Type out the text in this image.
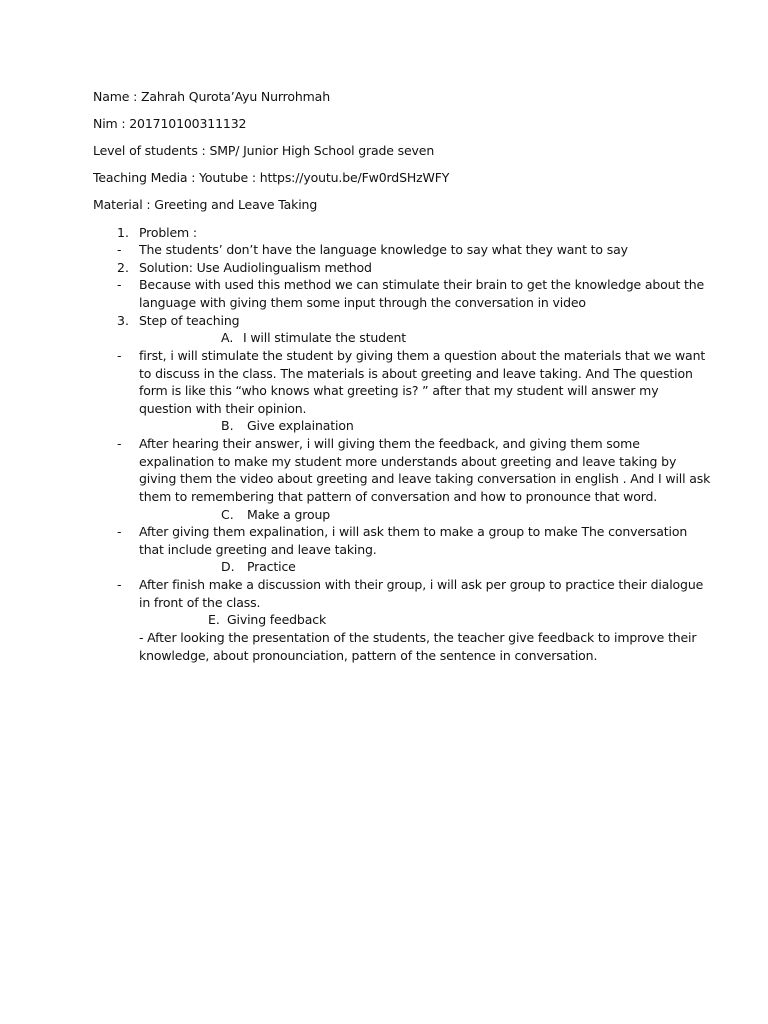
Name : Zahrah Qurota’Ayu Nurrohmah
Nim : 201710100311132
Level of students : SMP/ Junior High School grade seven
Teaching Media : Youtube : https://youtu.be/Fw0rdSHzWFY
Material : Greeting and Leave Taking
1. Problem :
- The students’ don’t have the language knowledge to say what they want to say
2. Solution: Use Audiolingualism method
- Because with used this method we can stimulate their brain to get the knowledge about the
language with giving them some input through the conversation in video
3. Step of teaching
A. I will stimulate the student
- first, i will stimulate the student by giving them a question about the materials that we want
to discuss in the class. The materials is about greeting and leave taking. And The question
form is like this “who knows what greeting is? ” after that my student will answer my
question with their opinion.
B. Give explaination
- After hearing their answer, i will giving them the feedback, and giving them some
expalination to make my student more understands about greeting and leave taking by
giving them the video about greeting and leave taking conversation in english . And I will ask
them to remembering that pattern of conversation and how to pronounce that word.
C. Make a group
- After giving them expalination, i will ask them to make a group to make The conversation
that include greeting and leave taking.
D. Practice
- After finish make a discussion with their group, i will ask per group to practice their dialogue
in front of the class.
E. Giving feedback
- After looking the presentation of the students, the teacher give feedback to improve their
knowledge, about pronounciation, pattern of the sentence in conversation.
